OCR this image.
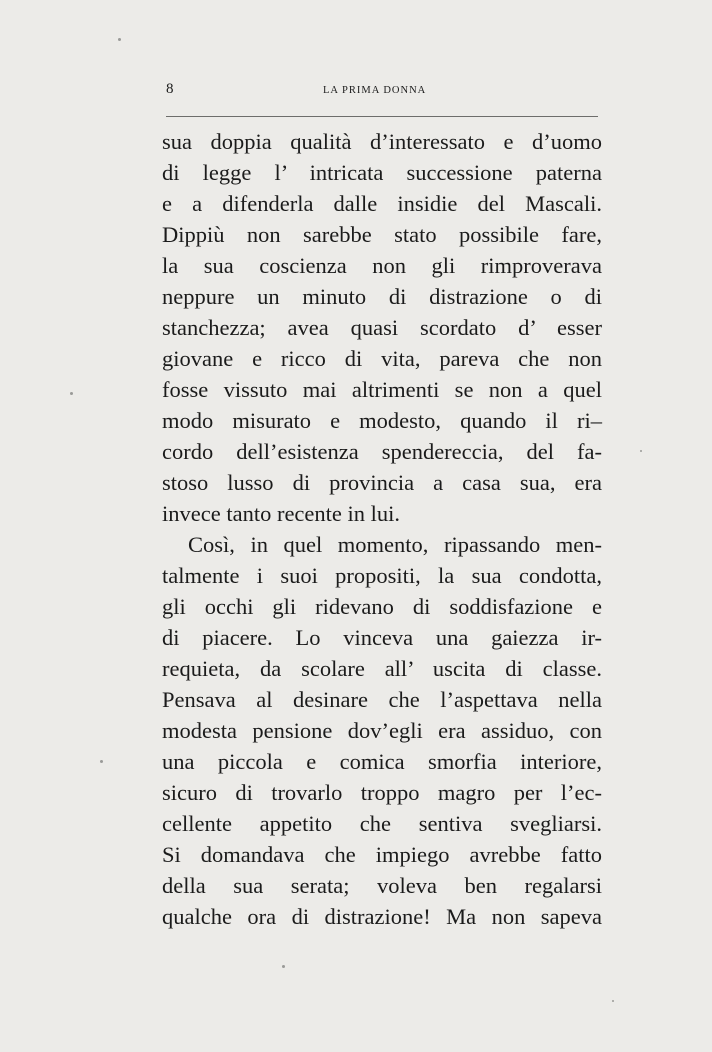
8	LA PRIMA DONNA
sua doppia qualità d’interessato e d’uomo
di legge l’ intricata successione paterna
e a difenderla dalle insidie del Mascali.
Dippiù non sarebbe stato possibile fare,
la sua coscienza non gli rimproverava
neppure un minuto di distrazione o di
stanchezza; avea quasi scordato d’ esser
giovane e ricco di vita, pareva che non
fosse vissuto mai altrimenti se non a quel
modo misurato e modesto, quando il ri–
cordo dell’esistenza spendereccia, del fa-
stoso lusso di provincia a casa sua, era
invece tanto recente in lui.
Così, in quel momento, ripassando men-
talmente i suoi propositi, la sua condotta,
gli occhi gli ridevano di soddisfazione e
di piacere. Lo vinceva una gaiezza ir-
requieta, da scolare all’ uscita di classe.
Pensava al desinare che l’aspettava nella
modesta pensione dov’egli era assiduo, con
una piccola e comica smorfia interiore,
sicuro di trovarlo troppo magro per l’ec-
cellente appetito che sentiva svegliarsi.
Si domandava che impiego avrebbe fatto
della sua serata; voleva ben regalarsi
qualche ora di distrazione! Ma non sapeva
